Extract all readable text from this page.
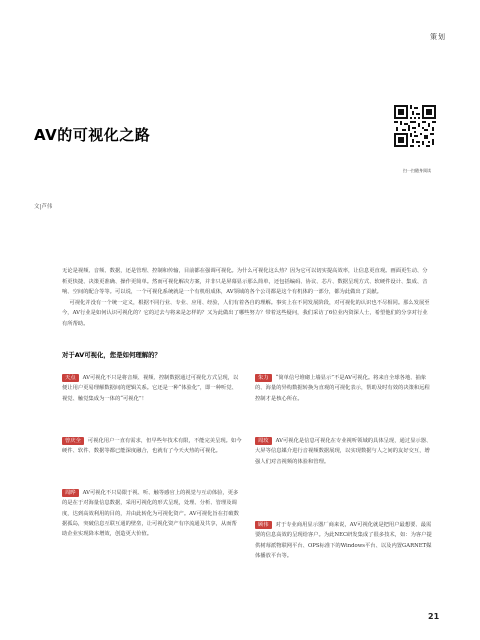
策划
AV的可视化之路
扫一扫随身阅读
文|芦伟

无论是视频、音频、数据，还是管理、控制和传输，目前都在强调可视化。为什么可视化这么热？因为它可以切实提高效率，让信息更直观。画面更生动、分析更快捷、决策更准确、操作更简单。然而可视化解决方案，并非只是屏幕显示那么简单，还包括编码、协议、芯片、数据呈现方式、软硬件设计、集成、音响、空间的配合等等。可以说，一个可视化系统就是一个有机组成体，AV领域的各个公司都是这个有机体的一部分，都为此做出了贡献。

可视化并没有一个统一定义，根据不同行业、专业、应用、经验，人们有着各自的理解。事实上在不同发展阶段，对可视化的认识也不尽相同。那么发展至今，AV行业是如何认识可视化的？它的过去与将来是怎样的？又为此做出了哪些努力？带着这些疑问，我们采访了6位业内资深人士，希望他们的分享对行业有所帮助。

对于AV可视化，您是如何理解的？
天点 AV可视化不只是将音频、视频、控制数据通过可视化方式呈现，以便让用户更易理解数据间的逻辑关系。它还是一种“体验化”，即一种听觉、视觉、触觉集成为一体的“可视化”！
曾庆全 可视化用户一直有需求，但早些年技术有限，不能完美呈现。如今硬件、软件、数据等都已能深度融合，也就有了今天火热的可视化。
周晔 AV可视化不只局限于视、听、触等感官上的视觉与互动体验，更多的是在于对海量信息数据，采用可视化的形式呈现，处理、分析、管理及调度，达到高效利用的目的，并由此转化为可视化资产。AV可视化旨在打破数据孤岛，突破信息互联互通的壁垒，让可视化资产有序流通及共享，从而帮助企业实现降本增效，创造更大价值。
朱力 “简单信号堆砌上墙显示”不是AV可视化。将来自全球各地、抽象的、海量的异构数据转换为直观的可视化表示，帮助及时有效的决策和远程控制才是核心所在。
周玫 AV可视化是信息可视化在专业视听领域的具体呈现，通过显示器、大屏等信息媒介进行音视频数据展现，以实现数据与人之间的友好交互，增强人们对音视频的体验和管理。
顾伟 对于专业商用显示器厂商来说，AV可视化就是把用户最想要、最需要的信息高效的呈现给客户。为此NEC研发集成了很多技术，如：为客户提供树莓派物联网平台、OPS标准下的Windows平台、以及内置GARNET媒体播放平台等。
21
